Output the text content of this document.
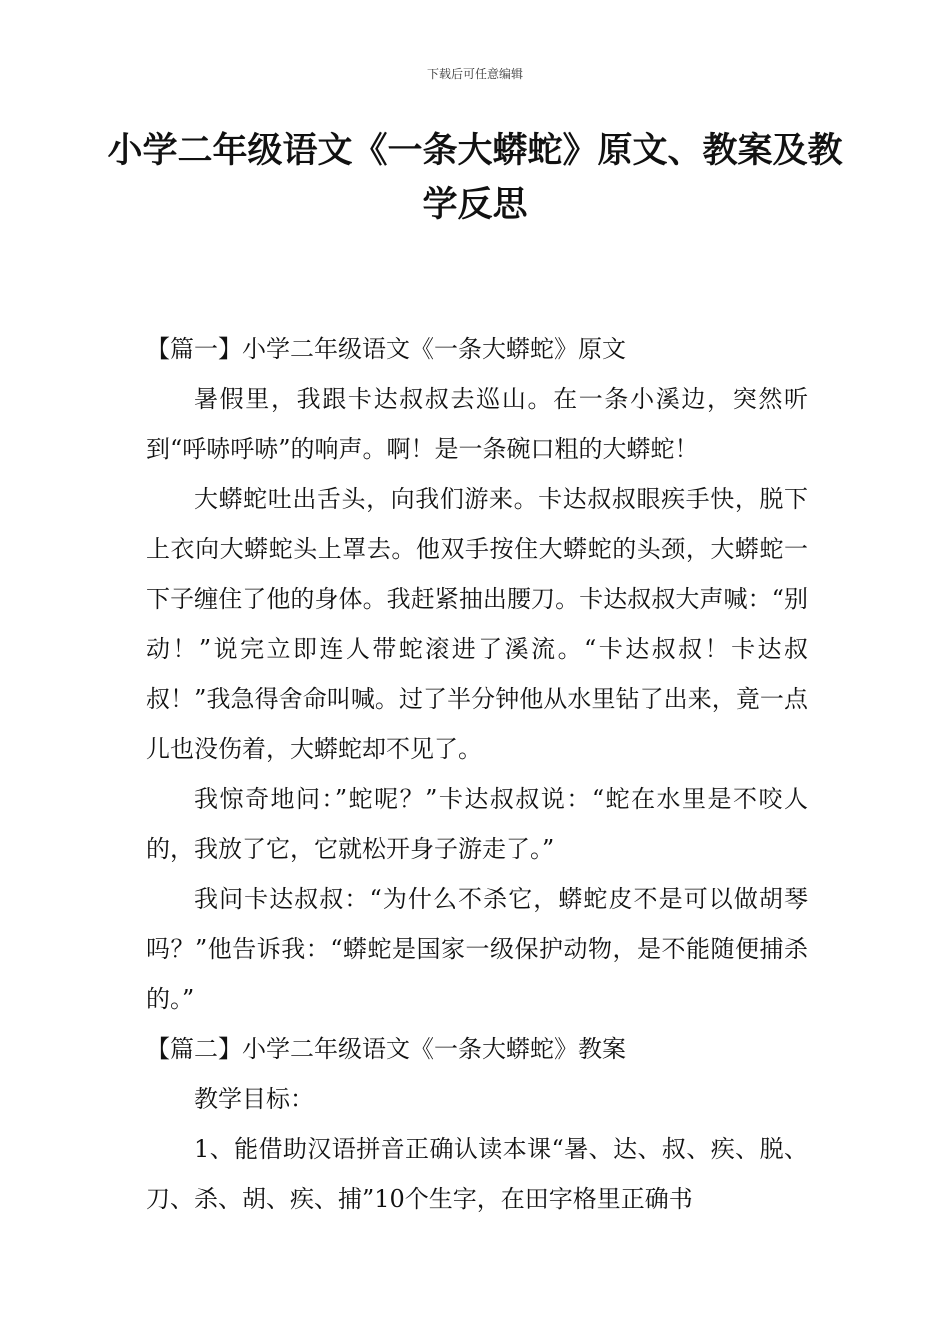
下载后可任意编辑
小学二年级语文《一条大蟒蛇》原文、教案及教学反思

【篇一】小学二年级语文《一条大蟒蛇》原文

暑假里，我跟卡达叔叔去巡山。在一条小溪边，突然听到“呼哧呼哧”的响声。啊！是一条碗口粗的大蟒蛇！

大蟒蛇吐出舌头，向我们游来。卡达叔叔眼疾手快，脱下上衣向大蟒蛇头上罩去。他双手按住大蟒蛇的头颈，大蟒蛇一下子缠住了他的身体。我赶紧抽出腰刀。卡达叔叔大声喊：“别动！”说完立即连人带蛇滚进了溪流。“卡达叔叔！卡达叔叔！”我急得舍命叫喊。过了半分钟他从水里钻了出来，竟一点儿也没伤着，大蟒蛇却不见了。

我惊奇地问：”蛇呢？”卡达叔叔说：“蛇在水里是不咬人的，我放了它，它就松开身子游走了。”

我问卡达叔叔：“为什么不杀它，蟒蛇皮不是可以做胡琴吗？”他告诉我：“蟒蛇是国家一级保护动物，是不能随便捕杀的。”

【篇二】小学二年级语文《一条大蟒蛇》教案

教学目标：

1、能借助汉语拼音正确认读本课“暑、达、叔、疾、脱、刀、杀、胡、疾、捕”10个生字，在田字格里正确书
